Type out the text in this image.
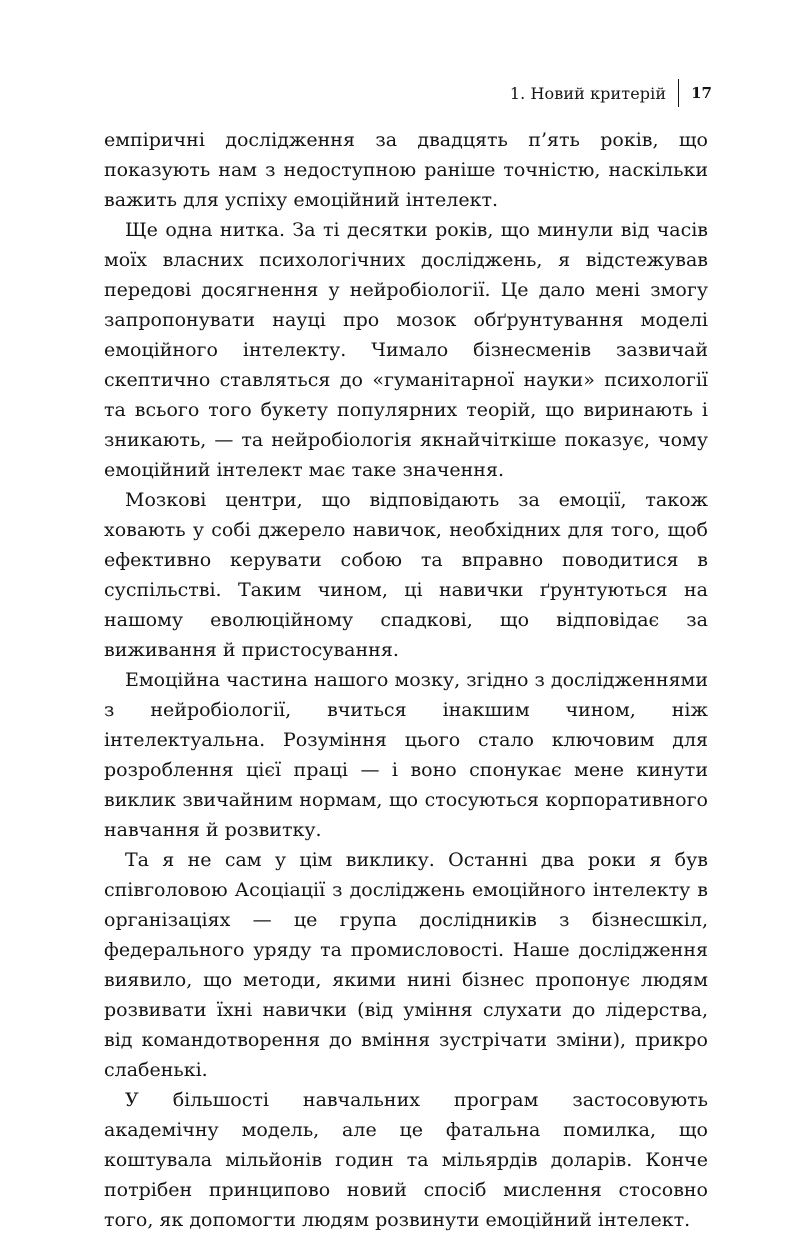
1. Новий критерій	17

емпіричні дослідження за двадцять п’ять років, що показують нам з недоступною раніше точністю, наскільки важить для успіху емоційний інтелект.

Ще одна нитка. За ті десятки років, що минули від часів моїх власних психологічних досліджень, я відстежував передові досягнення у нейробіології. Це дало мені змогу запропонувати науці про мозок обґрунтування моделі емоційного інтелекту. Чимало бізнесменів зазвичай скептично ставляться до «гуманітарної науки» психології та всього того букету популярних теорій, що виринають і зникають, — та нейробіологія якнайчіткіше показує, чому емоційний інтелект має таке значення.

Мозкові центри, що відповідають за емоції, також ховають у собі джерело навичок, необхідних для того, щоб ефективно керувати собою та вправно поводитися в суспільстві. Таким чином, ці навички ґрунтуються на нашому еволюційному спадкові, що відповідає за виживання й пристосування.

Емоційна частина нашого мозку, згідно з дослідженнями з нейробіології, вчиться інакшим чином, ніж інтелектуальна. Розуміння цього стало ключовим для розроблення цієї праці — і воно спонукає мене кинути виклик звичайним нормам, що стосуються корпоративного навчання й розвитку.

Та я не сам у цім виклику. Останні два роки я був співголовою Асоціації з досліджень емоційного інтелекту в організаціях — це група дослідників з бізнесшкіл, федерального уряду та промисловості. Наше дослідження виявило, що методи, якими нині бізнес пропонує людям розвивати їхні навички (від уміння слухати до лідерства, від командотворення до вміння зустрічати зміни), прикро слабенькі.

У більшості навчальних програм застосовують академічну модель, але це фатальна помилка, що коштувала мільйонів годин та мільярдів доларів. Конче потрібен принципово новий спосіб мислення стосовно того, як допомогти людям розвинути емоційний інтелект.
